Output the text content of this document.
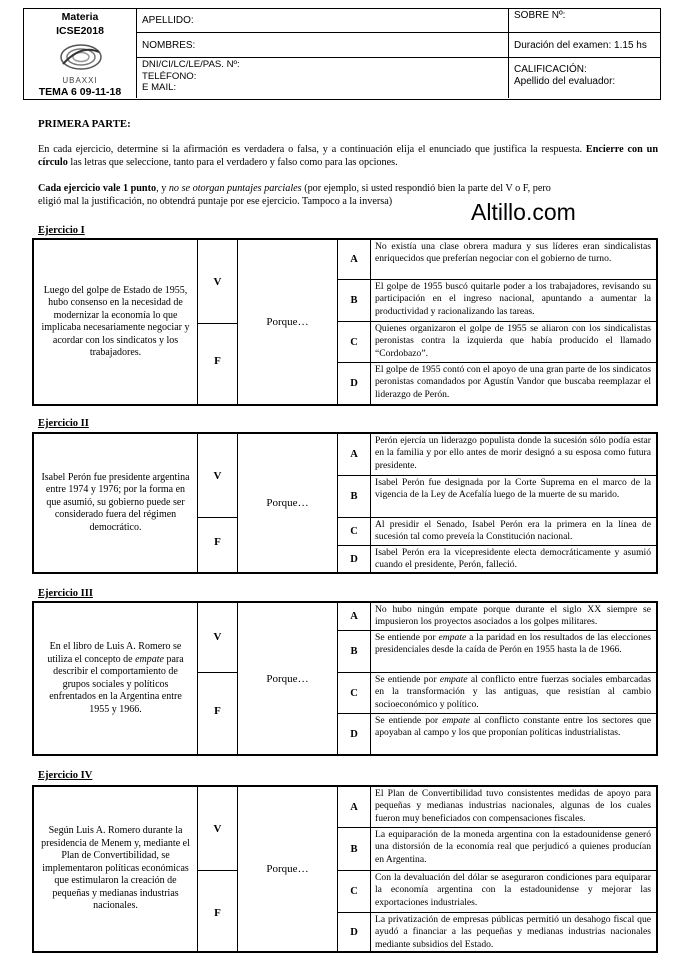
Materia
ICSE2018
UBAXXI
TEMA 6 09-11-18
APELLIDO:
NOMBRES:
DNI/CI/LC/LE/PAS. Nº:
TELÉFONO:
E MAIL:
SOBRE Nº:
Duración del examen: 1.15 hs
CALIFICACIÓN:
Apellido del evaluador:
PRIMERA PARTE:
En cada ejercicio, determine si la afirmación es verdadera o falsa, y a continuación elija el enunciado que justifica la respuesta. Encierre con un círculo las letras que seleccione, tanto para el verdadero y falso como para las opciones.
Cada ejercicio vale 1 punto, y no se otorgan puntajes parciales (por ejemplo, si usted respondió bien la parte del V o F, pero
eligió mal la justificación, no obtendrá puntaje por ese ejercicio. Tampoco a la inversa)	Altillo.com
Ejercicio I
Luego del golpe de Estado de 1955, hubo consenso en la necesidad de modernizar la economía lo que implicaba necesariamente negociar y acordar con los sindicatos y los trabajadores.
V
F
Porque…
A
No existía una clase obrera madura y sus líderes eran sindicalistas enriquecidos que preferían negociar con el gobierno de turno.
B
El golpe de 1955 buscó quitarle poder a los trabajadores, revisando su participación en el ingreso nacional, apuntando a aumentar la productividad y racionalizando las tareas.
C
Quienes organizaron el golpe de 1955 se aliaron con los sindicalistas peronistas contra la izquierda que había producido el llamado “Cordobazo”.
D
El golpe de 1955 contó con el apoyo de una gran parte de los sindicatos peronistas comandados por Agustín Vandor que buscaba reemplazar el liderazgo de Perón.
Ejercicio II
Isabel Perón fue presidente argentina entre 1974 y 1976; por la forma en que asumió, su gobierno puede ser considerado fuera del régimen democrático.
V
F
Porque…
A
Perón ejercía un liderazgo populista donde la sucesión sólo podía estar en la familia y por ello antes de morir designó a su esposa como futura presidente.
B
Isabel Perón fue designada por la Corte Suprema en el marco de la vigencia de la Ley de Acefalía luego de la muerte de su marido.
C
Al presidir el Senado, Isabel Perón era la primera en la línea de sucesión tal como preveía la Constitución nacional.
D
Isabel Perón era la vicepresidente electa democráticamente y asumió cuando el presidente, Perón, falleció.
Ejercicio III
En el libro de Luis A. Romero se utiliza el concepto de empate para describir el comportamiento de grupos sociales y políticos enfrentados en la Argentina entre 1955 y 1966.
V
F
Porque…
A
No hubo ningún empate porque durante el siglo XX siempre se impusieron los proyectos asociados a los golpes militares.
B
Se entiende por empate a la paridad en los resultados de las elecciones presidenciales desde la caída de Perón en 1955 hasta la de 1966.
C
Se entiende por empate al conflicto entre fuerzas sociales embarcadas en la transformación y las antiguas, que resistían al cambio socioeconómico y político.
D
Se entiende por empate al conflicto constante entre los sectores que apoyaban al campo y los que proponían políticas industrialistas.
Ejercicio IV
Según Luis A. Romero durante la presidencia de Menem y, mediante el Plan de Convertibilidad, se implementaron políticas económicas que estimularon la creación de pequeñas y medianas industrias nacionales.
V
F
Porque…
A
El Plan de Convertibilidad tuvo consistentes medidas de apoyo para pequeñas y medianas industrias nacionales, algunas de los cuales fueron muy beneficiados con compensaciones fiscales.
B
La equiparación de la moneda argentina con la estadounidense generó una distorsión de la economía real que perjudicó a quienes producían en Argentina.
C
Con la devaluación del dólar se aseguraron condiciones para equiparar la economía argentina con la estadounidense y mejorar las exportaciones industriales.
D
La privatización de empresas públicas permitió un desahogo fiscal que ayudó a financiar a las pequeñas y medianas industrias nacionales mediante subsidios del Estado.
